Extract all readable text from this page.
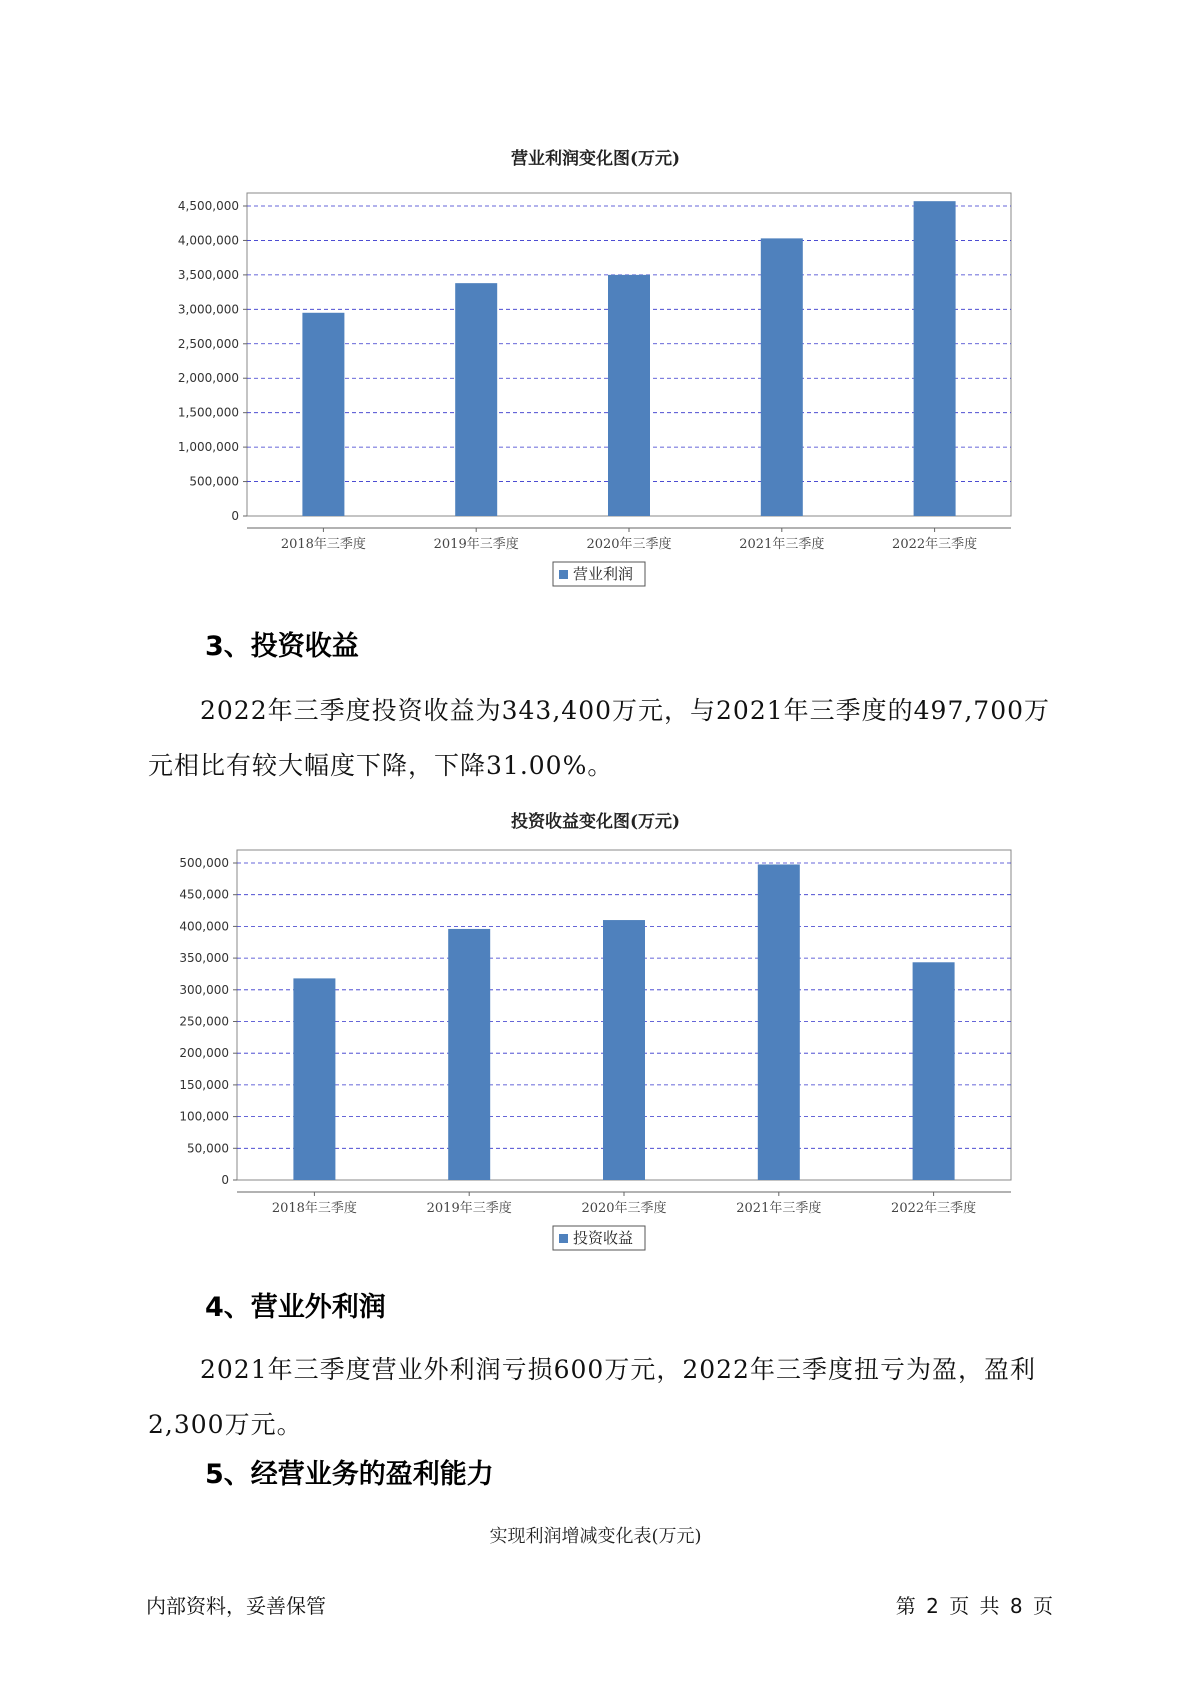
营业利润变化图(万元)
0
500,000
1,000,000
1,500,000
2,000,000
2,500,000
3,000,000
3,500,000
4,000,000
4,500,000
2018年三季度	2019年三季度	2020年三季度	2021年三季度	2022年三季度
营业利润
3、投资收益
2022年三季度投资收益为343,400万元，与2021年三季度的497,700万元相比有较大幅度下降，下降31.00%。
投资收益变化图(万元)
0
50,000
100,000
150,000
200,000
250,000
300,000
350,000
400,000
450,000
500,000
2018年三季度	2019年三季度	2020年三季度	2021年三季度	2022年三季度
投资收益
4、营业外利润
2021年三季度营业外利润亏损600万元，2022年三季度扭亏为盈，盈利2,300万元。
5、经营业务的盈利能力
实现利润增减变化表(万元)
内部资料，妥善保管	第 2 页 共 8 页
